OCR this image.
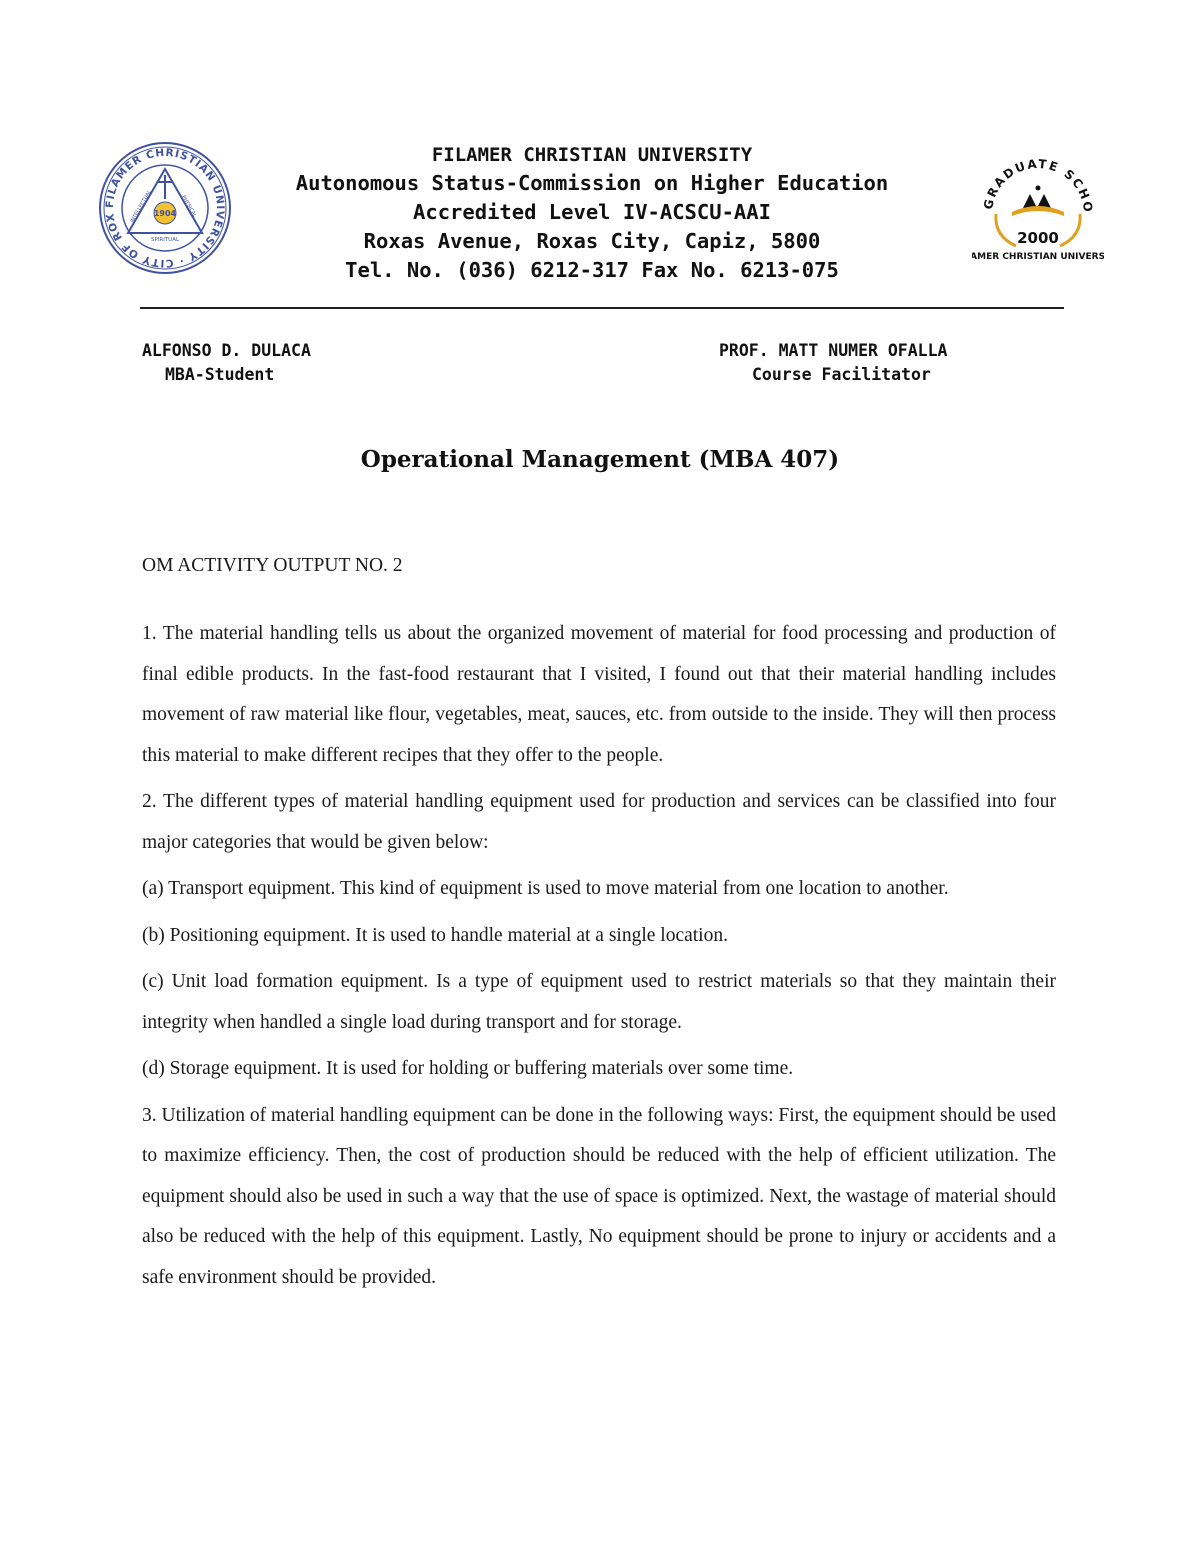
FILAMER CHRISTIAN UNIVERSITY · CITY OF ROX	1904
SPIRITUAL
INTELLECTUAL	PHYSICAL
FILAMER CHRISTIAN UNIVERSITY
Autonomous Status-Commission on Higher Education
Accredited Level IV-ACSCU-AAI
Roxas Avenue, Roxas City, Capiz, 5800
Tel. No. (036) 6212-317 Fax No. 6213-075
GRADUATE SCHO
2000
AMER CHRISTIAN UNIVERS
ALFONSO D. DULACA
MBA-Student
PROF. MATT NUMER OFALLA
Course Facilitator
Operational Management (MBA 407)
OM ACTIVITY OUTPUT NO. 2

1. The material handling tells us about the organized movement of material for food processing and production of final edible products. In the fast-food restaurant that I visited, I found out that their material handling includes movement of raw material like flour, vegetables, meat, sauces, etc. from outside to the inside. They will then process this material to make different recipes that they offer to the people.

2. The different types of material handling equipment used for production and services can be classified into four major categories that would be given below:

(a) Transport equipment. This kind of equipment is used to move material from one location to another.

(b) Positioning equipment. It is used to handle material at a single location.

(c) Unit load formation equipment. Is a type of equipment used to restrict materials so that they maintain their integrity when handled a single load during transport and for storage.

(d) Storage equipment. It is used for holding or buffering materials over some time.

3. Utilization of material handling equipment can be done in the following ways: First, the equipment should be used to maximize efficiency. Then, the cost of production should be reduced with the help of efficient utilization. The equipment should also be used in such a way that the use of space is optimized. Next, the wastage of material should also be reduced with the help of this equipment. Lastly, No equipment should be prone to injury or accidents and a safe environment should be provided.
